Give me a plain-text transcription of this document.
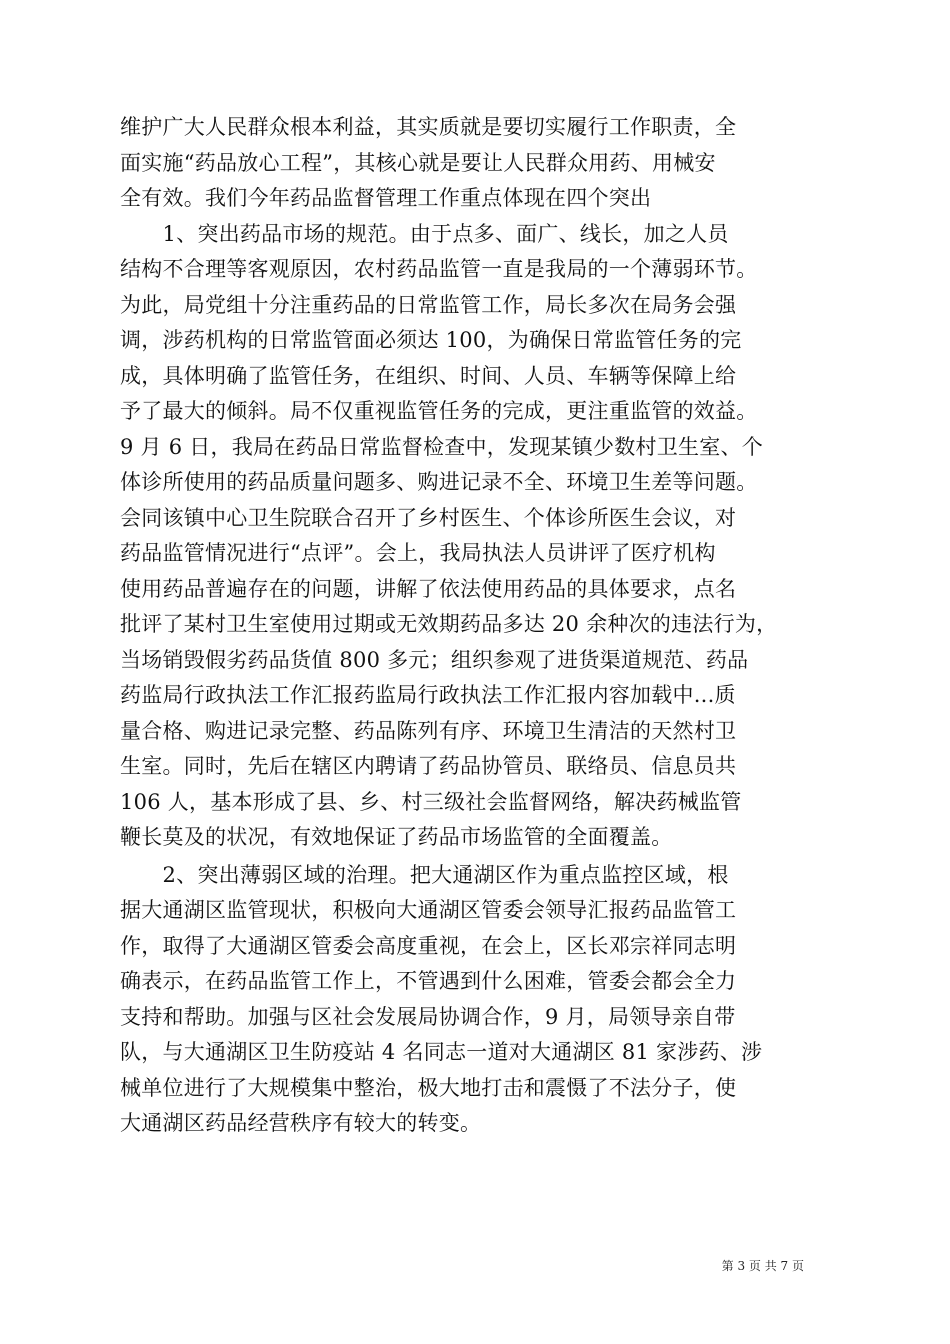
维护广大人民群众根本利益，其实质就是要切实履行工作职责，全
面实施“药品放心工程”，其核心就是要让人民群众用药、用械安
全有效。我们今年药品监督管理工作重点体现在四个突出
　　1、突出药品市场的规范。由于点多、面广、线长，加之人员
结构不合理等客观原因，农村药品监管一直是我局的一个薄弱环节。
为此，局党组十分注重药品的日常监管工作，局长多次在局务会强
调，涉药机构的日常监管面必须达 100，为确保日常监管任务的完
成，具体明确了监管任务，在组织、时间、人员、车辆等保障上给
予了最大的倾斜。局不仅重视监管任务的完成，更注重监管的效益。
9 月 6 日，我局在药品日常监督检查中，发现某镇少数村卫生室、个
体诊所使用的药品质量问题多、购进记录不全、环境卫生差等问题。
会同该镇中心卫生院联合召开了乡村医生、个体诊所医生会议，对
药品监管情况进行“点评”。会上，我局执法人员讲评了医疗机构
使用药品普遍存在的问题，讲解了依法使用药品的具体要求，点名
批评了某村卫生室使用过期或无效期药品多达 20 余种次的违法行为，
当场销毁假劣药品货值 800 多元；组织参观了进货渠道规范、药品
药监局行政执法工作汇报药监局行政执法工作汇报内容加载中...质
量合格、购进记录完整、药品陈列有序、环境卫生清洁的天然村卫
生室。同时，先后在辖区内聘请了药品协管员、联络员、信息员共
106 人，基本形成了县、乡、村三级社会监督网络，解决药械监管
鞭长莫及的状况，有效地保证了药品市场监管的全面覆盖。
　　2、突出薄弱区域的治理。把大通湖区作为重点监控区域，根
据大通湖区监管现状，积极向大通湖区管委会领导汇报药品监管工
作，取得了大通湖区管委会高度重视，在会上，区长邓宗祥同志明
确表示，在药品监管工作上，不管遇到什么困难，管委会都会全力
支持和帮助。加强与区社会发展局协调合作，9 月，局领导亲自带
队，与大通湖区卫生防疫站 4 名同志一道对大通湖区 81 家涉药、涉
械单位进行了大规模集中整治，极大地打击和震慑了不法分子，使
大通湖区药品经营秩序有较大的转变。
第 3 页 共 7 页
